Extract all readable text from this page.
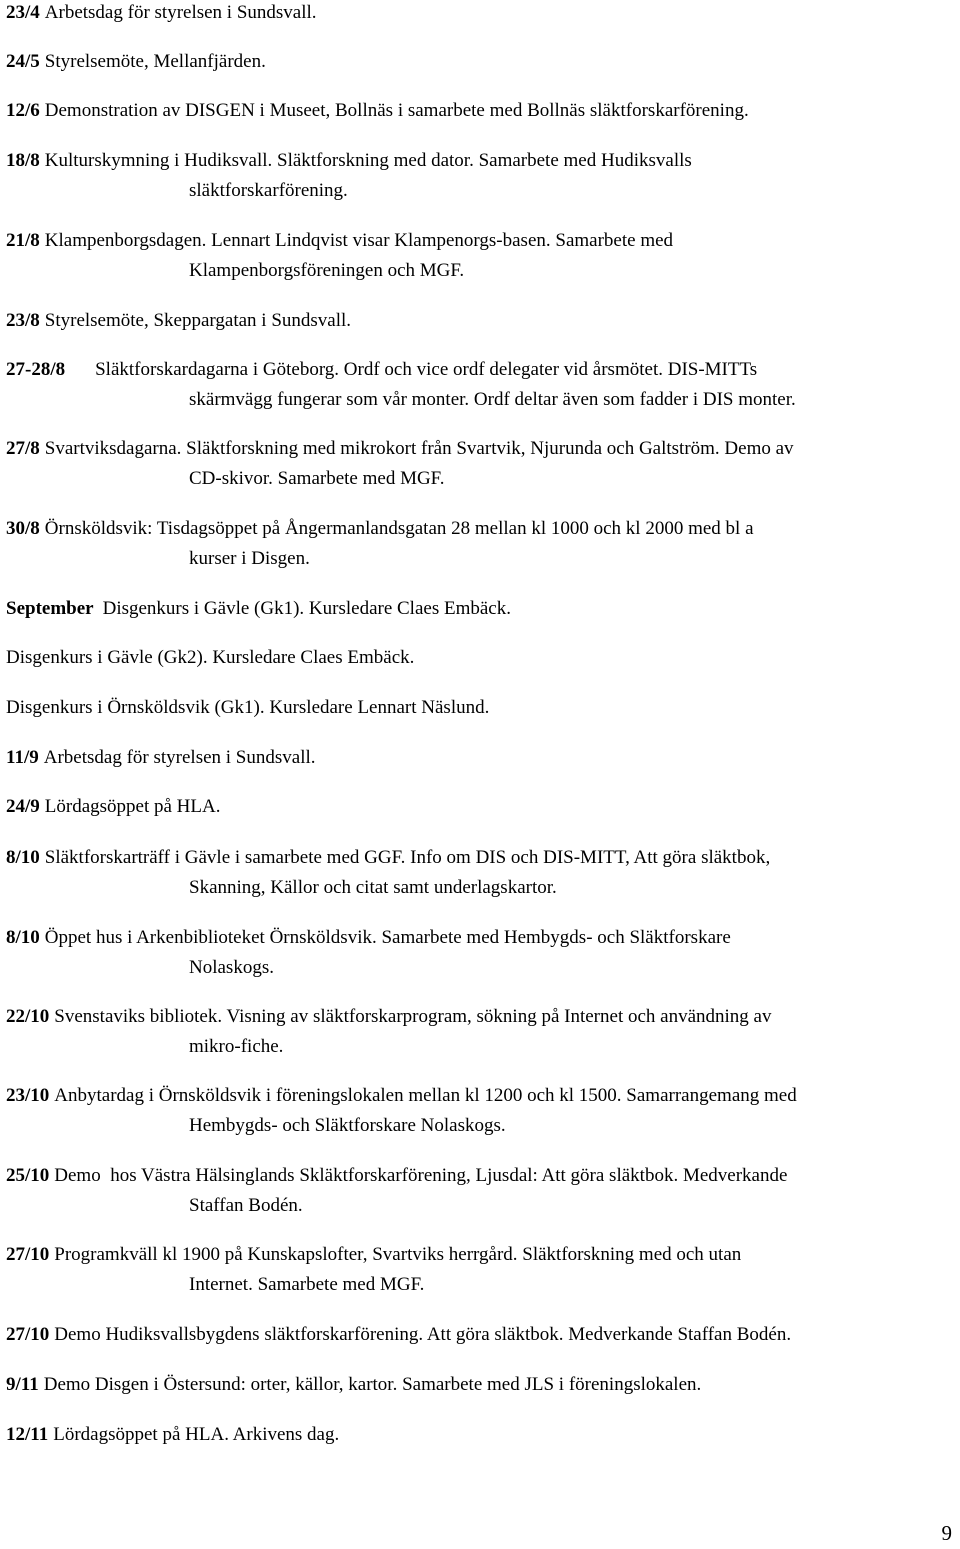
23/4 Arbetsdag för styrelsen i Sundsvall.
24/5 Styrelsemöte, Mellanfjärden.
12/6 Demonstration av DISGEN i Museet, Bollnäs i samarbete med Bollnäs släktforskarförening.
18/8 Kulturskymning i Hudiksvall. Släktforskning med dator. Samarbete med Hudiksvalls
släktforskarförening.
21/8 Klampenborgsdagen. Lennart Lindqvist visar Klampenorgs-basen. Samarbete med
Klampenborgsföreningen och MGF.
23/8 Styrelsemöte, Skeppargatan i Sundsvall.
27-28/8 Släktforskardagarna i Göteborg. Ordf och vice ordf delegater vid årsmötet. DIS-MITTs
skärmvägg fungerar som vår monter. Ordf deltar även som fadder i DIS monter.
27/8 Svartviksdagarna. Släktforskning med mikrokort från Svartvik, Njurunda och Galtström. Demo av
CD-skivor. Samarbete med MGF.
30/8 Örnsköldsvik: Tisdagsöppet på Ångermanlandsgatan 28 mellan kl 1000 och kl 2000 med bl a
kurser i Disgen.
September Disgenkurs i Gävle (Gk1). Kursledare Claes Embäck.
Disgenkurs i Gävle (Gk2). Kursledare Claes Embäck.
Disgenkurs i Örnsköldsvik (Gk1). Kursledare Lennart Näslund.
11/9 Arbetsdag för styrelsen i Sundsvall.
24/9 Lördagsöppet på HLA.
8/10 Släktforskarträff i Gävle i samarbete med GGF. Info om DIS och DIS-MITT, Att göra släktbok,
Skanning, Källor och citat samt underlagskartor.
8/10 Öppet hus i Arkenbiblioteket Örnsköldsvik. Samarbete med Hembygds- och Släktforskare
Nolaskogs.
22/10 Svenstaviks bibliotek. Visning av släktforskarprogram, sökning på Internet och användning av
mikro-fiche.
23/10 Anbytardag i Örnsköldsvik i föreningslokalen mellan kl 1200 och kl 1500. Samarrangemang med
Hembygds- och Släktforskare Nolaskogs.
25/10 Demo  hos Västra Hälsinglands Skläktforskarförening, Ljusdal: Att göra släktbok. Medverkande
Staffan Bodén.
27/10 Programkväll kl 1900 på Kunskapslofter, Svartviks herrgård. Släktforskning med och utan
Internet. Samarbete med MGF.
27/10 Demo Hudiksvallsbygdens släktforskarförening. Att göra släktbok. Medverkande Staffan Bodén.
9/11 Demo Disgen i Östersund: orter, källor, kartor. Samarbete med JLS i föreningslokalen.
12/11 Lördagsöppet på HLA. Arkivens dag.
9
